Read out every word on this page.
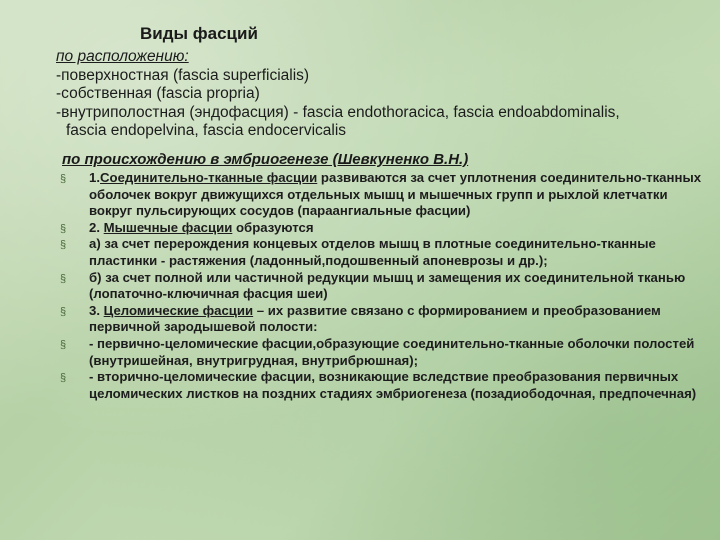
Виды фасций
по расположению:
-поверхностная (fascia superficialis)
-собственная (fascia propria)
-внутриполостная (эндофасция) - fascia endothoracica, fascia endoabdominalis,
fascia endopelvina, fascia endocervicalis
по происхождению в эмбриогенезе (Шевкуненко В.Н.)
§ 1.Соединительно-тканные фасции развиваются за счет уплотнения соединительно-тканных оболочек вокруг движущихся отдельных мышц и мышечных групп и рыхлой клетчатки вокруг пульсирующих сосудов (параангиальные фасции)
§ 2. Мышечные фасции образуются
§ а) за счет перерождения концевых отделов мышц в плотные соединительно-тканные пластинки - растяжения (ладонный,подошвенный апоневрозы и др.);
§ б) за счет полной или частичной редукции мышц и замещения их соединительной тканью (лопаточно-ключичная фасция шеи)
§ 3. Целомические фасции – их развитие связано с формированием и преобразованием первичной зародышевой полости:
§ - первично-целомические фасции,образующие соединительно-тканные оболочки полостей (внутришейная, внутригрудная, внутрибрюшная);
§ - вторично-целомические фасции, возникающие вследствие преобразования первичных целомических листков на поздних стадиях эмбриогенеза (позадиободочная, предпочечная)
